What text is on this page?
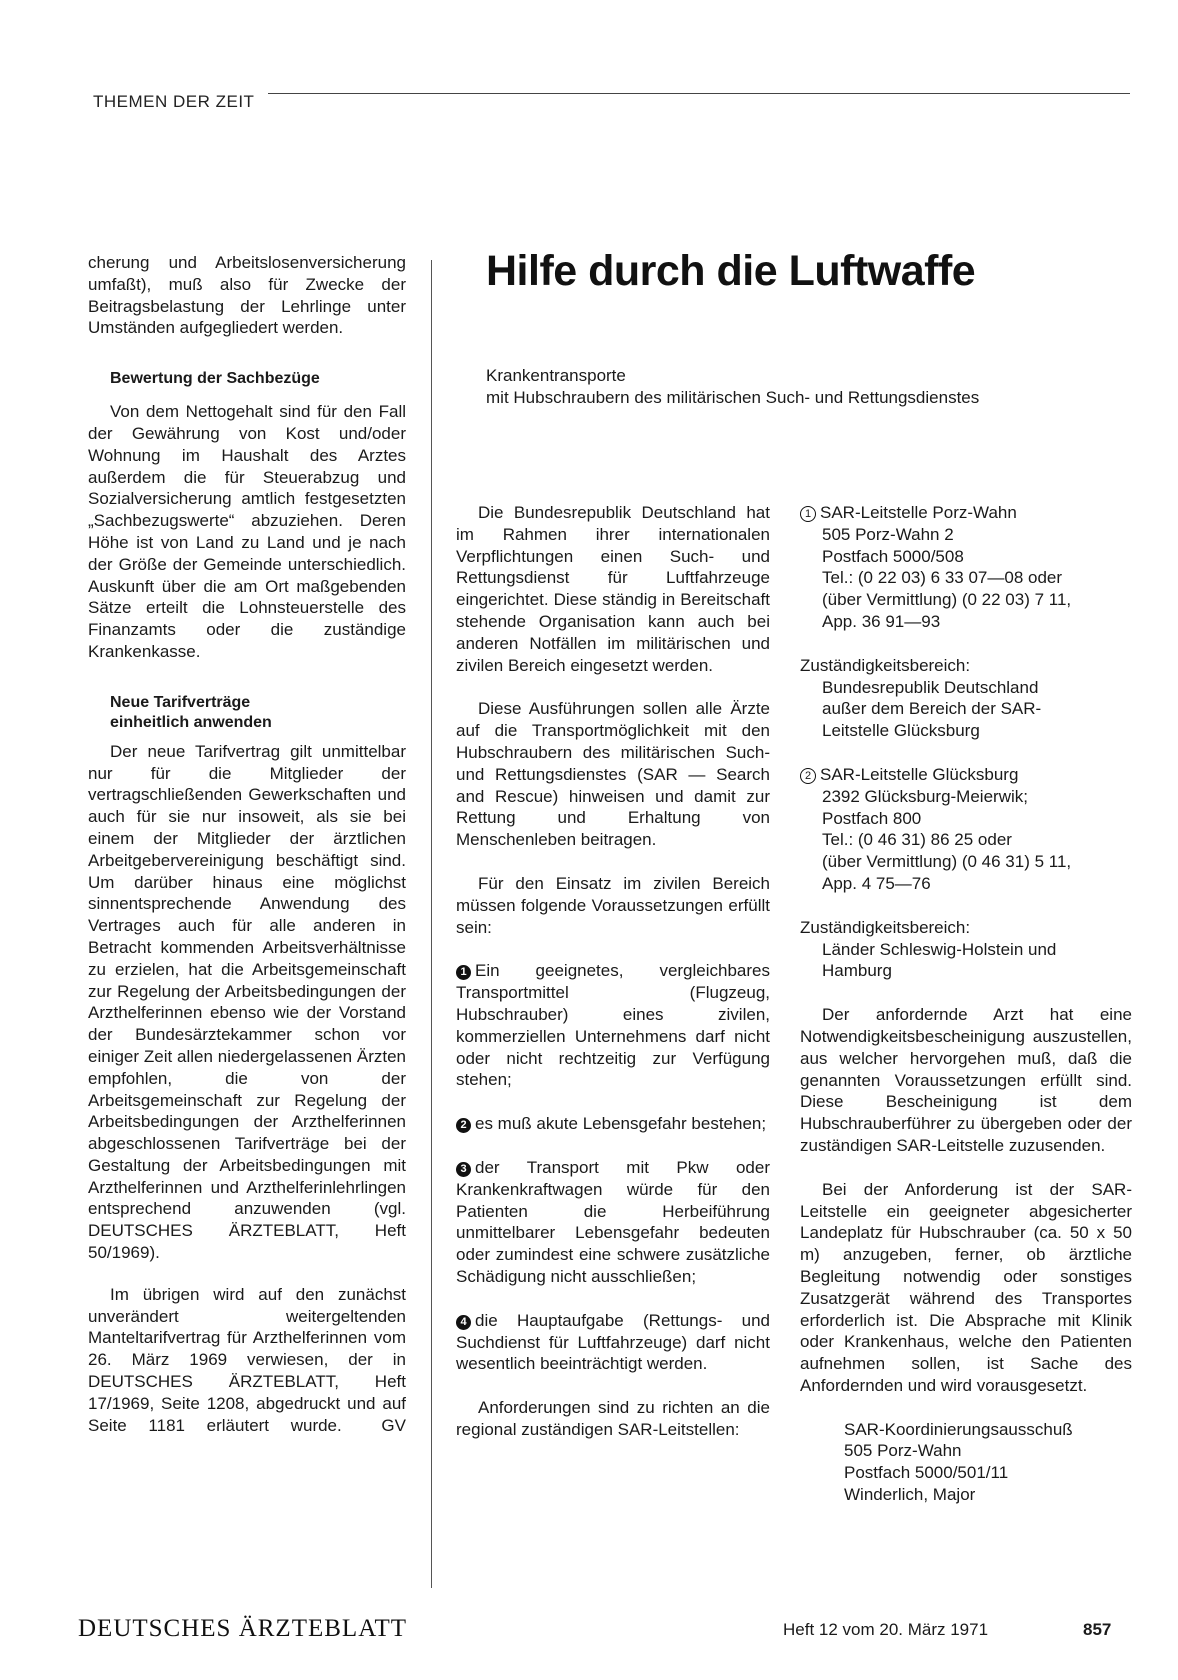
THEMEN DER ZEIT

cherung und Arbeitslosenversicherung umfaßt), muß also für Zwecke der Beitragsbelastung der Lehrlinge unter Umständen aufgegliedert werden.

Bewertung der Sachbezüge

Von dem Nettogehalt sind für den Fall der Gewährung von Kost und/oder Wohnung im Haushalt des Arztes außerdem die für Steuerabzug und Sozialversicherung amtlich festgesetzten „Sachbezugswerte“ abzuziehen. Deren Höhe ist von Land zu Land und je nach der Größe der Gemeinde unterschiedlich. Auskunft über die am Ort maßgebenden Sätze erteilt die Lohnsteuerstelle des Finanzamts oder die zuständige Krankenkasse.

Neue Tarifverträge

einheitlich anwenden

Der neue Tarifvertrag gilt unmittelbar nur für die Mitglieder der vertragschließenden Gewerkschaften und auch für sie nur insoweit, als sie bei einem der Mitglieder der ärztlichen Arbeitgebervereinigung beschäftigt sind. Um darüber hinaus eine möglichst sinnentsprechende Anwendung des Vertrages auch für alle anderen in Betracht kommenden Arbeitsverhältnisse zu erzielen, hat die Arbeitsgemeinschaft zur Regelung der Arbeitsbedingungen der Arzthelferinnen ebenso wie der Vorstand der Bundesärztekammer schon vor einiger Zeit allen niedergelassenen Ärzten empfohlen, die von der Arbeitsgemeinschaft zur Regelung der Arbeitsbedingungen der Arzthelferinnen abgeschlossenen Tarifverträge bei der Gestaltung der Arbeitsbedingungen mit Arzthelferinnen und Arzthelferinlehrlingen entsprechend anzuwenden (vgl. DEUTSCHES ÄRZTEBLATT, Heft 50/1969).

Im übrigen wird auf den zunächst unverändert weitergeltenden Manteltarifvertrag für Arzthelferinnen vom 26. März 1969 verwiesen, der in DEUTSCHES ÄRZTEBLATT, Heft 17/1969, Seite 1208, abgedruckt und auf Seite 1181 erläutert wurde. GV

Hilfe durch die Luftwaffe
Krankentransporte
mit Hubschraubern des militärischen Such- und Rettungsdienstes

Die Bundesrepublik Deutschland hat im Rahmen ihrer internationalen Verpflichtungen einen Such- und Rettungsdienst für Luftfahrzeuge eingerichtet. Diese ständig in Bereitschaft stehende Organisation kann auch bei anderen Notfällen im militärischen und zivilen Bereich eingesetzt werden.

Diese Ausführungen sollen alle Ärzte auf die Transportmöglichkeit mit den Hubschraubern des militärischen Such- und Rettungsdienstes (SAR — Search and Rescue) hinweisen und damit zur Rettung und Erhaltung von Menschenleben beitragen.

Für den Einsatz im zivilen Bereich müssen folgende Voraussetzungen erfüllt sein:

1 Ein geeignetes, vergleichbares Transportmittel (Flugzeug, Hubschrauber) eines zivilen, kommerziellen Unternehmens darf nicht oder nicht rechtzeitig zur Verfügung stehen;

2 es muß akute Lebensgefahr bestehen;

3 der Transport mit Pkw oder Krankenkraftwagen würde für den Patienten die Herbeiführung unmittelbarer Lebensgefahr bedeuten oder zumindest eine schwere zusätzliche Schädigung nicht ausschließen;

4 die Hauptaufgabe (Rettungs- und Suchdienst für Luftfahrzeuge) darf nicht wesentlich beeinträchtigt werden.

Anforderungen sind zu richten an die regional zuständigen SAR-Leitstellen:

1 SAR-Leitstelle Porz-Wahn
505 Porz-Wahn 2
Postfach 5000/508
Tel.: (0 22 03) 6 33 07—08 oder
(über Vermittlung) (0 22 03) 7 11,
App. 36 91—93
Zuständigkeitsbereich:
Bundesrepublik Deutschland
außer dem Bereich der SAR-
Leitstelle Glücksburg
2 SAR-Leitstelle Glücksburg
2392 Glücksburg-Meierwik;
Postfach 800
Tel.: (0 46 31) 86 25 oder
(über Vermittlung) (0 46 31) 5 11,
App. 4 75—76
Zuständigkeitsbereich:
Länder Schleswig-Holstein und
Hamburg

Der anfordernde Arzt hat eine Notwendigkeitsbescheinigung auszustellen, aus welcher hervorgehen muß, daß die genannten Voraussetzungen erfüllt sind. Diese Bescheinigung ist dem Hubschrauberführer zu übergeben oder der zuständigen SAR-Leitstelle zuzusenden.

Bei der Anforderung ist der SAR-Leitstelle ein geeigneter abgesicherter Landeplatz für Hubschrauber (ca. 50 x 50 m) anzugeben, ferner, ob ärztliche Begleitung notwendig oder sonstiges Zusatzgerät während des Transportes erforderlich ist. Die Absprache mit Klinik oder Krankenhaus, welche den Patienten aufnehmen sollen, ist Sache des Anfordernden und wird vorausgesetzt.

SAR-Koordinierungsausschuß
505 Porz-Wahn
Postfach 5000/501/11
Winderlich, Major
DEUTSCHES ÄRZTEBLATT	Heft 12 vom 20. März 1971	857
